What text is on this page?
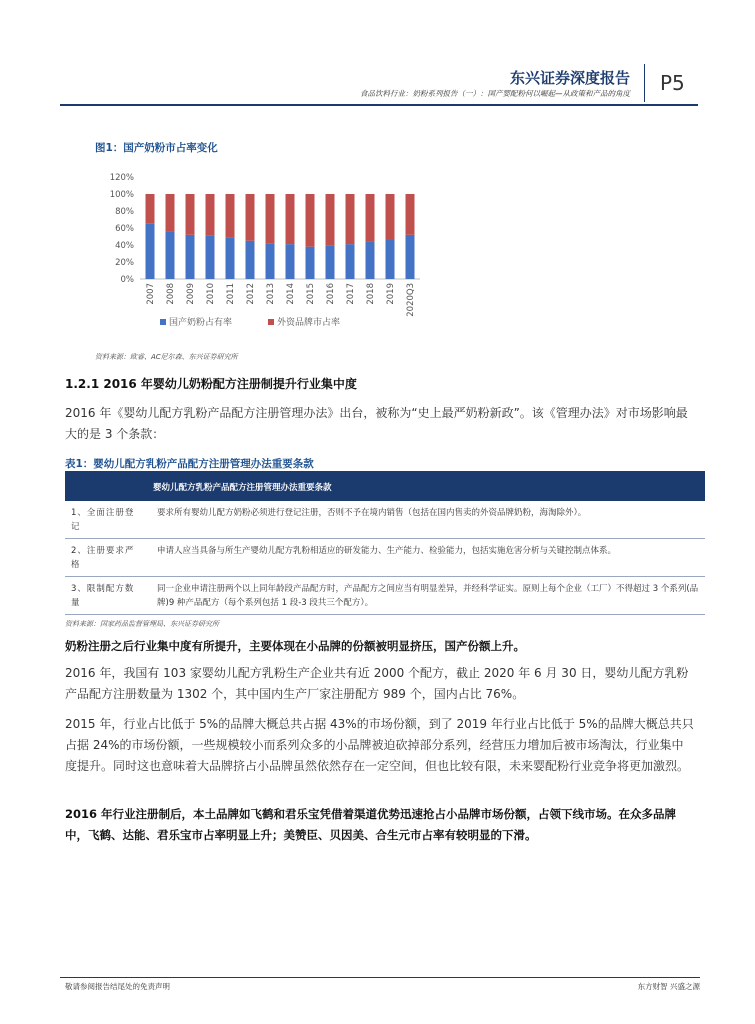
东兴证券深度报告
食品饮料行业：奶粉系列报告（一）：国产婴配粉何以崛起—从政策和产品的角度 P5
图1：国产奶粉市占率变化
0%
20%
40%
60%
80%
100%
120%
2007 2008 2009 2010 2011 2012 2013 2014 2015 2016 2017 2018 2019 2020Q3
国产奶粉占有率	外资品牌市占率
资料来源：欧睿、AC尼尔森、东兴证券研究所
1.2.1 2016 年婴幼儿奶粉配方注册制提升行业集中度

2016 年《婴幼儿配方乳粉产品配方注册管理办法》出台，被称为“史上最严奶粉新政”。该《管理办法》对市场影响最大的是 3 个条款：

表1：婴幼儿配方乳粉产品配方注册管理办法重要条款
婴幼儿配方乳粉产品配方注册管理办法重要条款	
1、全面注册登记	要求所有婴幼儿配方奶粉必须进行登记注册，否则不予在境内销售（包括在国内售卖的外资品牌奶粉，海淘除外）。
2、注册要求严格	申请人应当具备与所生产婴幼儿配方乳粉相适应的研发能力、生产能力、检验能力，包括实施危害分析与关键控制点体系。
3、限制配方数量	同一企业申请注册两个以上同年龄段产品配方时，产品配方之间应当有明显差异，并经科学证实。原则上每个企业（工厂）不得超过 3 个系列(品牌)9 种产品配方（每个系列包括 1 段-3 段共三个配方）。
资料来源：国家药品监督管理局、东兴证券研究所

奶粉注册之后行业集中度有所提升，主要体现在小品牌的份额被明显挤压，国产份额上升。

2016 年，我国有 103 家婴幼儿配方乳粉生产企业共有近 2000 个配方，截止 2020 年 6 月 30 日，婴幼儿配方乳粉产品配方注册数量为 1302 个，其中国内生产厂家注册配方 989 个，国内占比 76%。

2015 年，行业占比低于 5%的品牌大概总共占据 43%的市场份额，到了 2019 年行业占比低于 5%的品牌大概总共只占据 24%的市场份额，一些规模较小而系列众多的小品牌被迫砍掉部分系列，经营压力增加后被市场淘汰，行业集中度提升。同时这也意味着大品牌挤占小品牌虽然依然存在一定空间，但也比较有限，未来婴配粉行业竞争将更加激烈。

2016 年行业注册制后，本土品牌如飞鹤和君乐宝凭借着渠道优势迅速抢占小品牌市场份额，占领下线市场。在众多品牌中，飞鹤、达能、君乐宝市占率明显上升；美赞臣、贝因美、合生元市占率有较明显的下滑。

敬请参阅报告结尾处的免责声明	东方财智 兴盛之源
